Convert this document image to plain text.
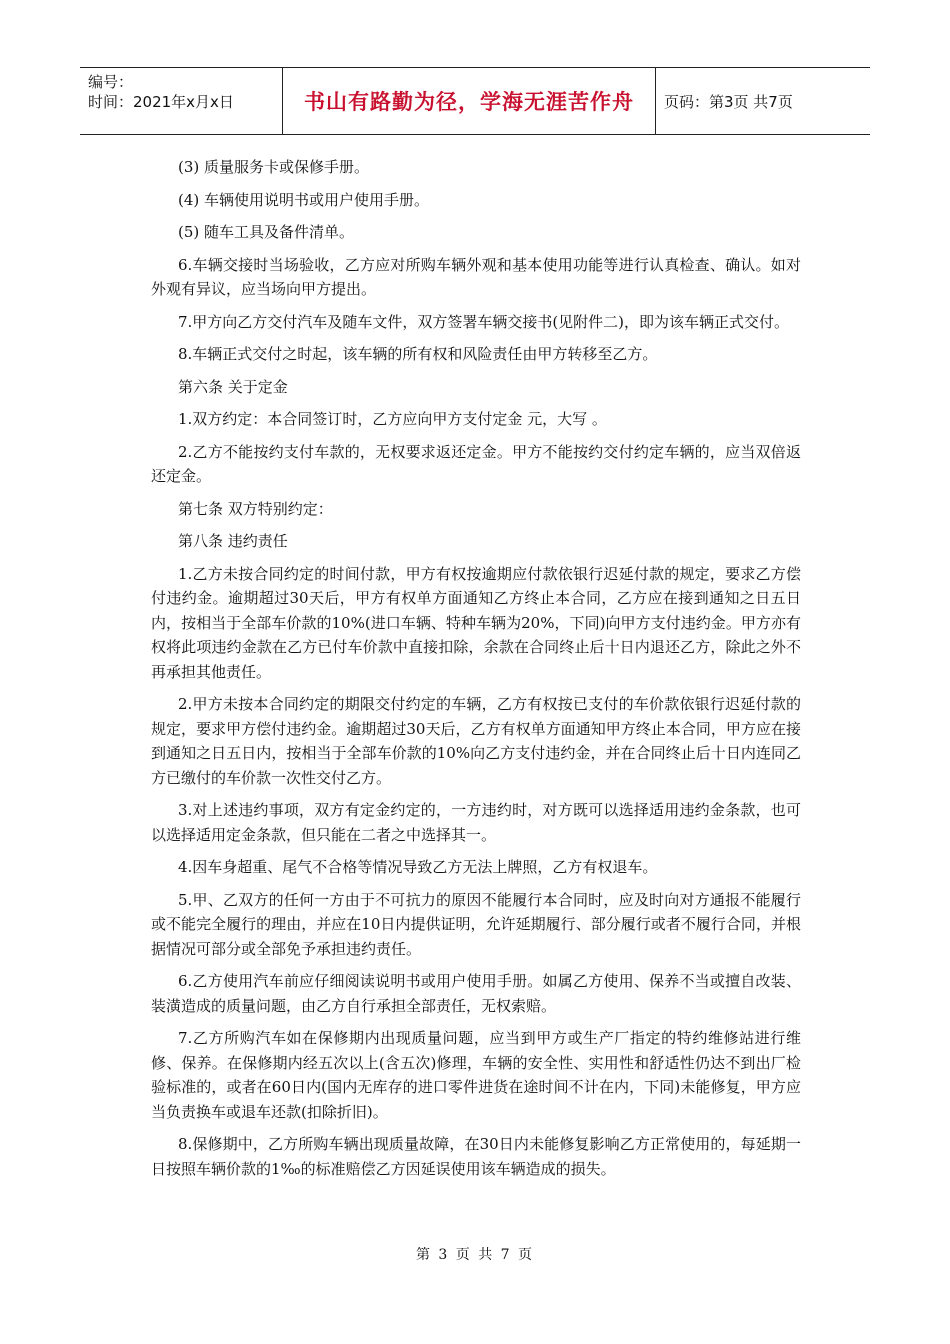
编号：
时间：2021年x月x日	书山有路勤为径，学海无涯苦作舟	页码：第3页 共7页

(3) 质量服务卡或保修手册。

(4) 车辆使用说明书或用户使用手册。

(5) 随车工具及备件清单。

6.车辆交接时当场验收，乙方应对所购车辆外观和基本使用功能等进行认真检查、确认。如对外观有异议，应当场向甲方提出。

7.甲方向乙方交付汽车及随车文件，双方签署车辆交接书(见附件二)，即为该车辆正式交付。

8.车辆正式交付之时起，该车辆的所有权和风险责任由甲方转移至乙方。

第六条 关于定金

1.双方约定：本合同签订时，乙方应向甲方支付定金 元，大写 。

2.乙方不能按约支付车款的，无权要求返还定金。甲方不能按约交付约定车辆的，应当双倍返还定金。

第七条 双方特别约定：

第八条 违约责任

1.乙方未按合同约定的时间付款，甲方有权按逾期应付款依银行迟延付款的规定，要求乙方偿付违约金。逾期超过30天后，甲方有权单方面通知乙方终止本合同，乙方应在接到通知之日五日内，按相当于全部车价款的10%(进口车辆、特种车辆为20%，下同)向甲方支付违约金。甲方亦有权将此项违约金款在乙方已付车价款中直接扣除，余款在合同终止后十日内退还乙方，除此之外不再承担其他责任。

2.甲方未按本合同约定的期限交付约定的车辆，乙方有权按已支付的车价款依银行迟延付款的规定，要求甲方偿付违约金。逾期超过30天后，乙方有权单方面通知甲方终止本合同，甲方应在接到通知之日五日内，按相当于全部车价款的10%向乙方支付违约金，并在合同终止后十日内连同乙方已缴付的车价款一次性交付乙方。

3.对上述违约事项，双方有定金约定的，一方违约时，对方既可以选择适用违约金条款，也可以选择适用定金条款，但只能在二者之中选择其一。

4.因车身超重、尾气不合格等情况导致乙方无法上牌照，乙方有权退车。

5.甲、乙双方的任何一方由于不可抗力的原因不能履行本合同时，应及时向对方通报不能履行或不能完全履行的理由，并应在10日内提供证明，允许延期履行、部分履行或者不履行合同，并根据情况可部分或全部免予承担违约责任。

6.乙方使用汽车前应仔细阅读说明书或用户使用手册。如属乙方使用、保养不当或擅自改装、装潢造成的质量问题，由乙方自行承担全部责任，无权索赔。

7.乙方所购汽车如在保修期内出现质量问题，应当到甲方或生产厂指定的特约维修站进行维修、保养。在保修期内经五次以上(含五次)修理，车辆的安全性、实用性和舒适性仍达不到出厂检验标准的，或者在60日内(国内无库存的进口零件进货在途时间不计在内，下同)未能修复，甲方应当负责换车或退车还款(扣除折旧)。

8.保修期中，乙方所购车辆出现质量故障，在30日内未能修复影响乙方正常使用的，每延期一日按照车辆价款的1‰的标准赔偿乙方因延误使用该车辆造成的损失。

第 3 页 共 7 页
